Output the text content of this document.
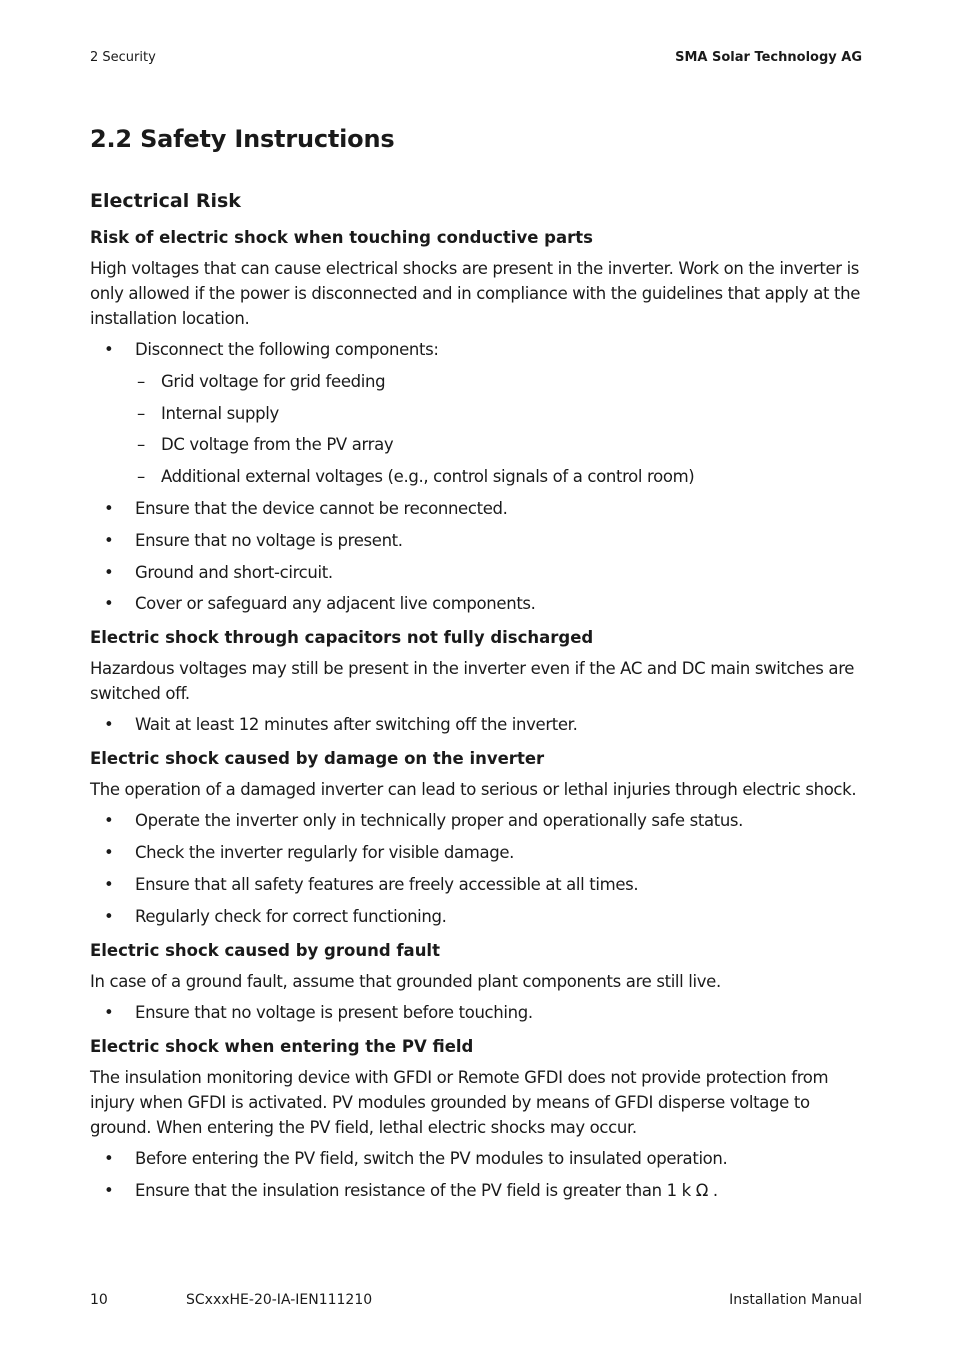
2 Security	SMA Solar Technology AG
2.2 Safety Instructions
Electrical Risk
Risk of electric shock when touching conductive parts

High voltages that can cause electrical shocks are present in the inverter. Work on the inverter is only allowed if the power is disconnected and in compliance with the guidelines that apply at the installation location.

• Disconnect the following components:
– Grid voltage for grid feeding
– Internal supply
– DC voltage from the PV array
– Additional external voltages (e.g., control signals of a control room)
• Ensure that the device cannot be reconnected.
• Ensure that no voltage is present.
• Ground and short-circuit.
• Cover or safeguard any adjacent live components.
Electric shock through capacitors not fully discharged

Hazardous voltages may still be present in the inverter even if the AC and DC main switches are switched off.

• Wait at least 12 minutes after switching off the inverter.
Electric shock caused by damage on the inverter

The operation of a damaged inverter can lead to serious or lethal injuries through electric shock.

• Operate the inverter only in technically proper and operationally safe status.
• Check the inverter regularly for visible damage.
• Ensure that all safety features are freely accessible at all times.
• Regularly check for correct functioning.
Electric shock caused by ground fault

In case of a ground fault, assume that grounded plant components are still live.

• Ensure that no voltage is present before touching.
Electric shock when entering the PV field

The insulation monitoring device with GFDI or Remote GFDI does not provide protection from injury when GFDI is activated. PV modules grounded by means of GFDI disperse voltage to ground. When entering the PV field, lethal electric shocks may occur.

• Before entering the PV field, switch the PV modules to insulated operation.
• Ensure that the insulation resistance of the PV field is greater than 1 k Ω .
10	SCxxxHE-20-IA-IEN111210	Installation Manual
